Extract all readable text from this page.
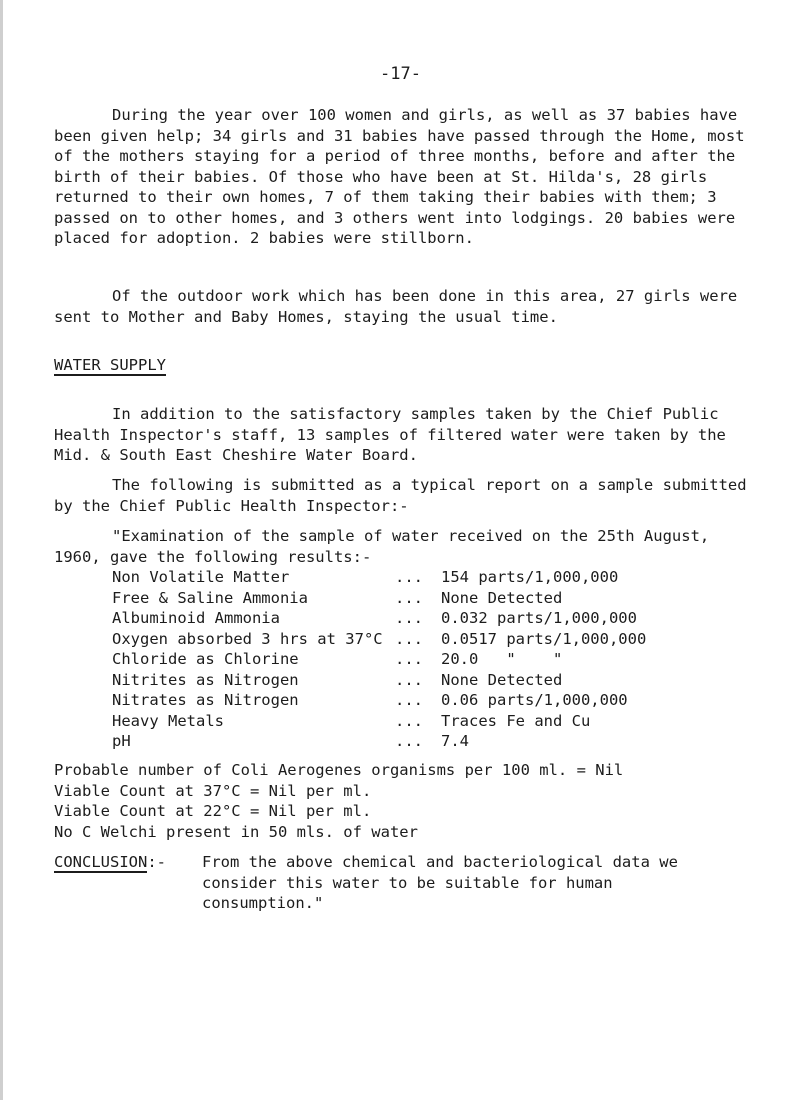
-17-

During the year over 100 women and girls, as well as 37 babies have been given help; 34 girls and 31 babies have passed through the Home, most of the mothers staying for a period of three months, before and after the birth of their babies. Of those who have been at St. Hilda's, 28 girls returned to their own homes, 7 of them taking their babies with them; 3 passed on to other homes, and 3 others went into lodgings. 20 babies were placed for adoption. 2 babies were stillborn.

Of the outdoor work which has been done in this area, 27 girls were sent to Mother and Baby Homes, staying the usual time.

WATER SUPPLY

In addition to the satisfactory samples taken by the Chief Public Health Inspector's staff, 13 samples of filtered water were taken by the Mid. & South East Cheshire Water Board.

The following is submitted as a typical report on a sample submitted by the Chief Public Health Inspector:-

"Examination of the sample of water received on the 25th August, 1960, gave the following results:-

Non Volatile Matter	...	154 parts/1,000,000
Free & Saline Ammonia	...	None Detected
Albuminoid Ammonia	...	0.032 parts/1,000,000
Oxygen absorbed 3 hrs at 37°C ...	0.0517 parts/1,000,000
Chloride as Chlorine	...	20.0   "    "
Nitrites as Nitrogen	...	None Detected
Nitrates as Nitrogen	...	0.06 parts/1,000,000
Heavy Metals	...	Traces Fe and Cu
pH	...	7.4
Probable number of Coli Aerogenes organisms per 100 ml. = Nil
Viable Count at 37°C = Nil per ml.
Viable Count at 22°C = Nil per ml.
No C Welchi present in 50 mls. of water
CONCLUSION:-	From the above chemical and bacteriological data we consider this water to be suitable for human consumption."
